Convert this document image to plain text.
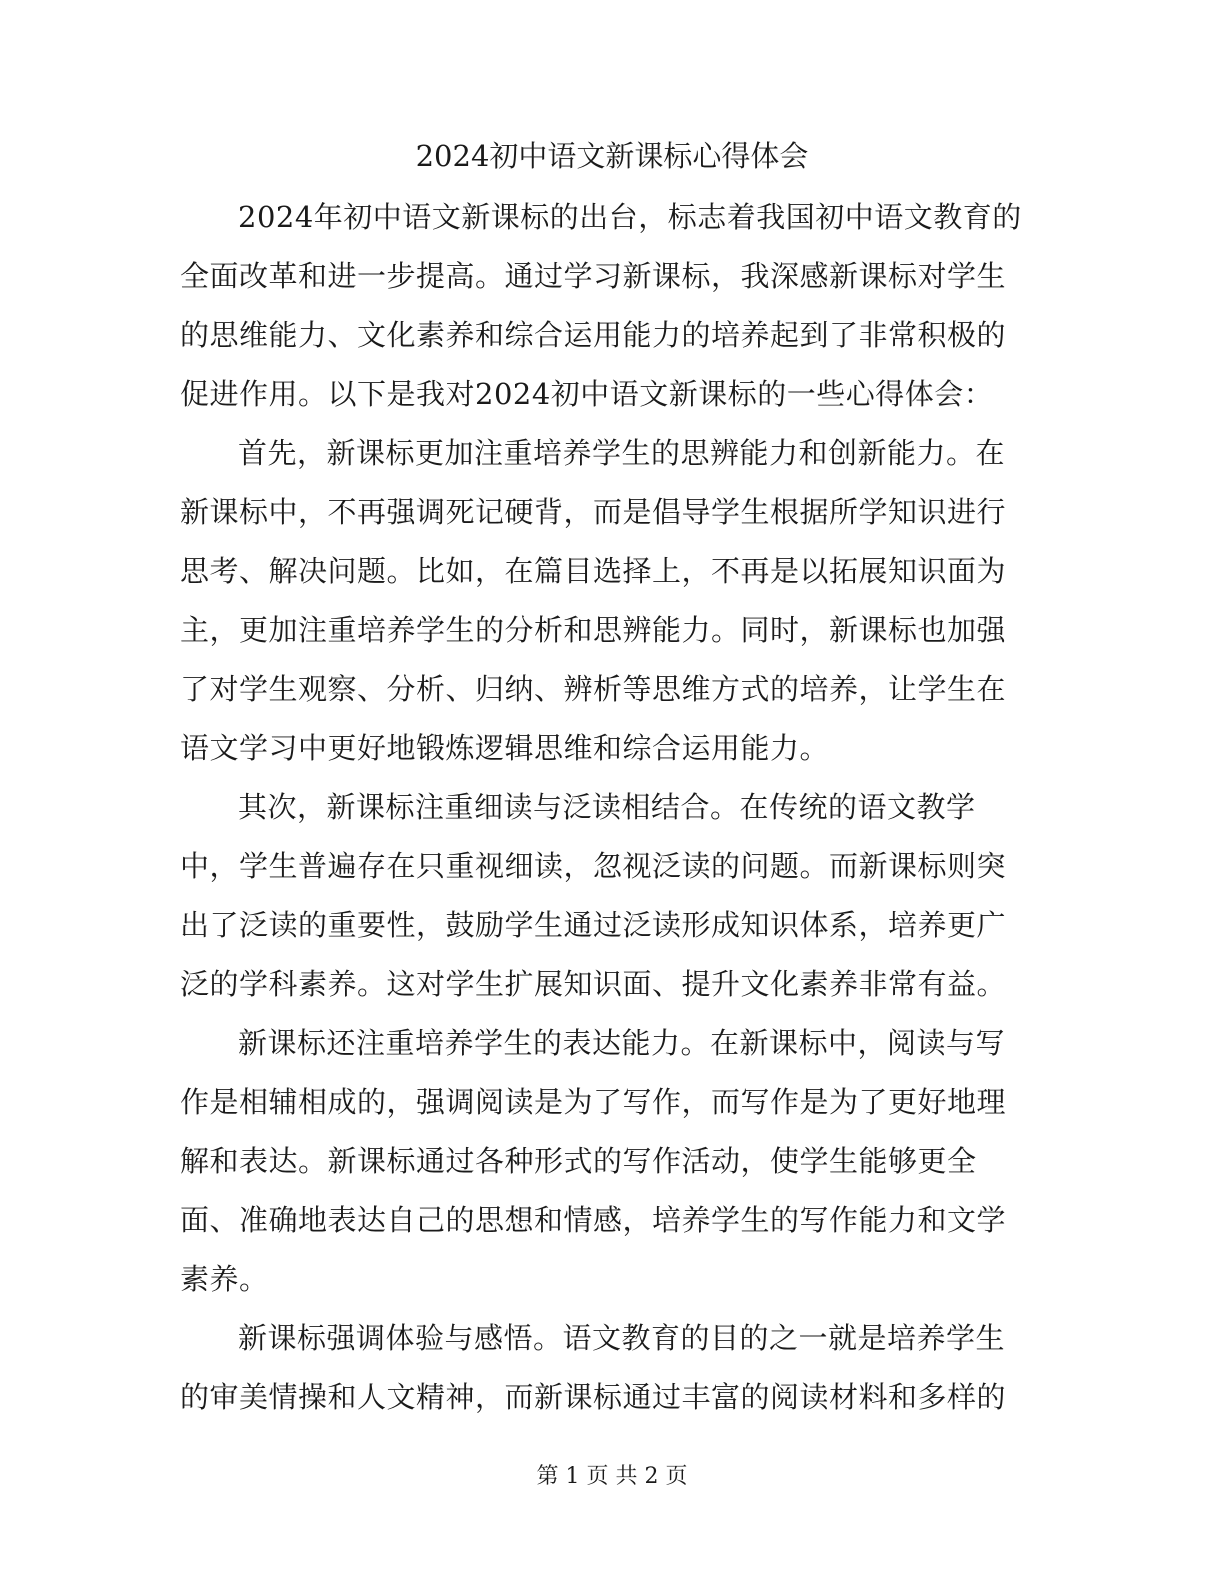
2024初中语文新课标心得体会
2024年初中语文新课标的出台，标志着我国初中语文教育的
全面改革和进一步提高。通过学习新课标，我深感新课标对学生
的思维能力、文化素养和综合运用能力的培养起到了非常积极的
促进作用。以下是我对2024初中语文新课标的一些心得体会：
首先，新课标更加注重培养学生的思辨能力和创新能力。在
新课标中，不再强调死记硬背，而是倡导学生根据所学知识进行
思考、解决问题。比如，在篇目选择上，不再是以拓展知识面为
主，更加注重培养学生的分析和思辨能力。同时，新课标也加强
了对学生观察、分析、归纳、辨析等思维方式的培养，让学生在
语文学习中更好地锻炼逻辑思维和综合运用能力。
其次，新课标注重细读与泛读相结合。在传统的语文教学
中，学生普遍存在只重视细读，忽视泛读的问题。而新课标则突
出了泛读的重要性，鼓励学生通过泛读形成知识体系，培养更广
泛的学科素养。这对学生扩展知识面、提升文化素养非常有益。
新课标还注重培养学生的表达能力。在新课标中，阅读与写
作是相辅相成的，强调阅读是为了写作，而写作是为了更好地理
解和表达。新课标通过各种形式的写作活动，使学生能够更全
面、准确地表达自己的思想和情感，培养学生的写作能力和文学
素养。
新课标强调体验与感悟。语文教育的目的之一就是培养学生
的审美情操和人文精神，而新课标通过丰富的阅读材料和多样的
第 1 页 共 2 页
